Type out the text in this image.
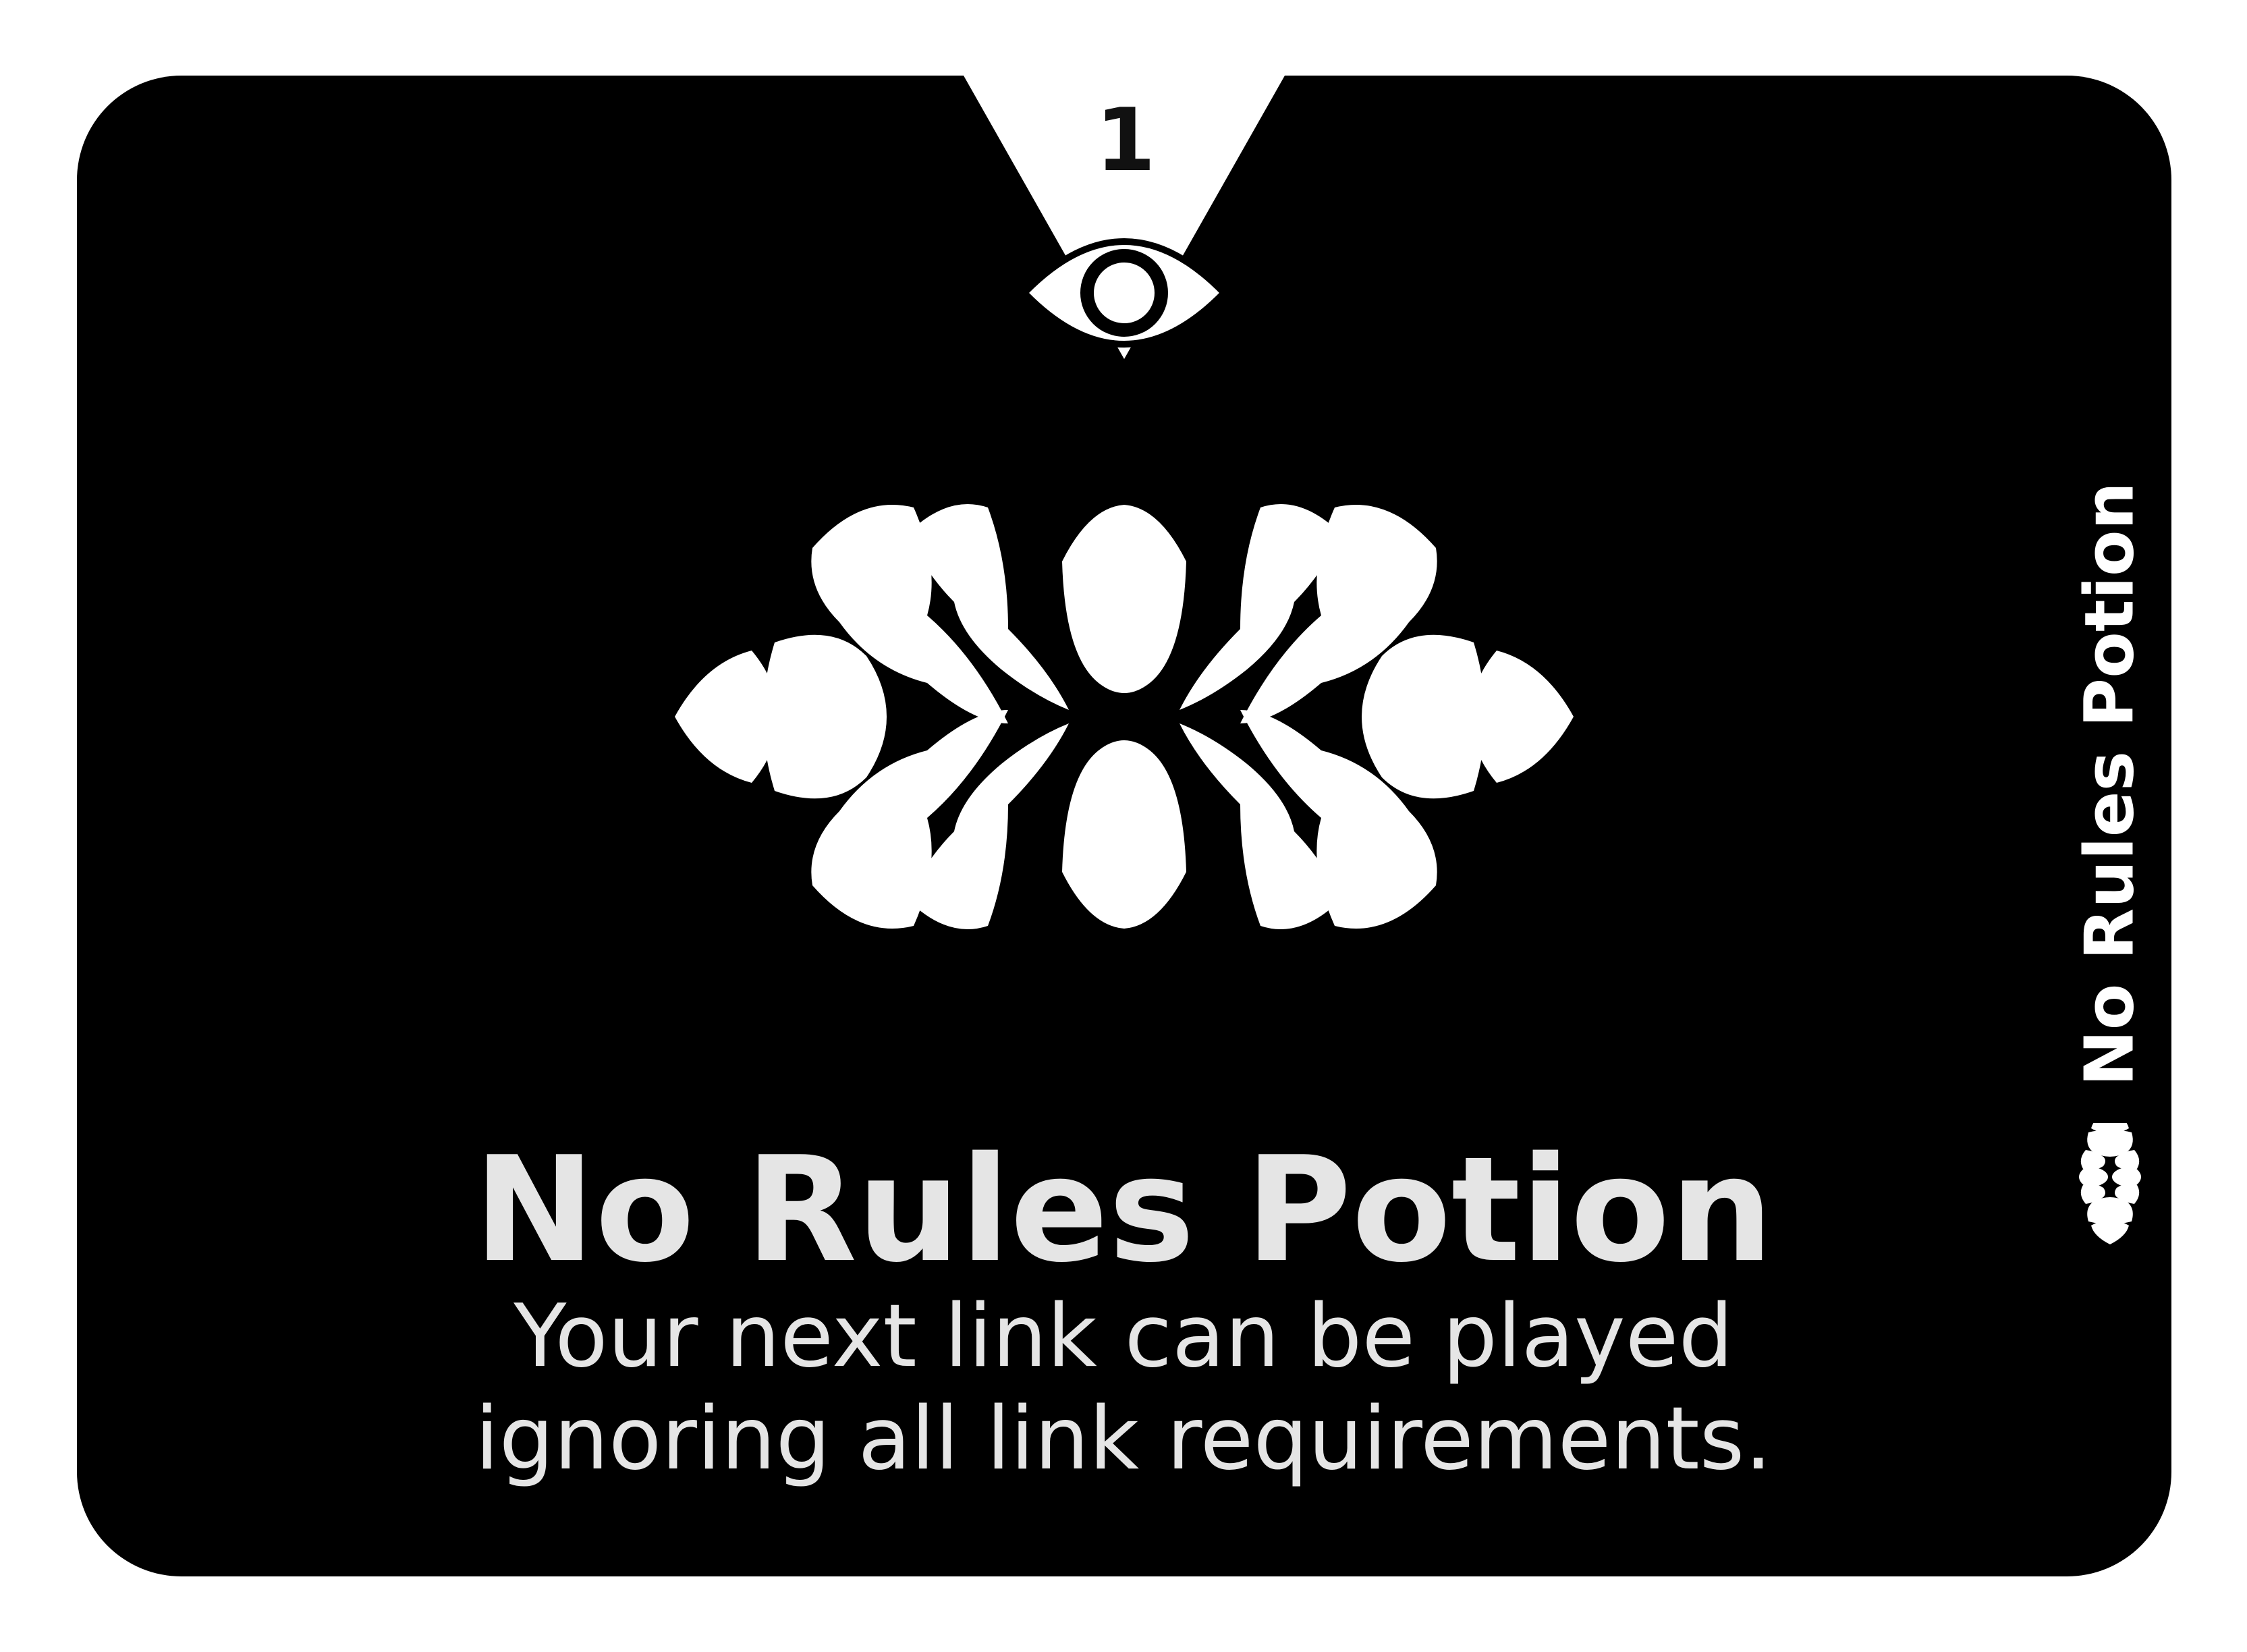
No Rules Potion
1
No Rules Potion
Your next link can be played
ignoring all link requirements.
